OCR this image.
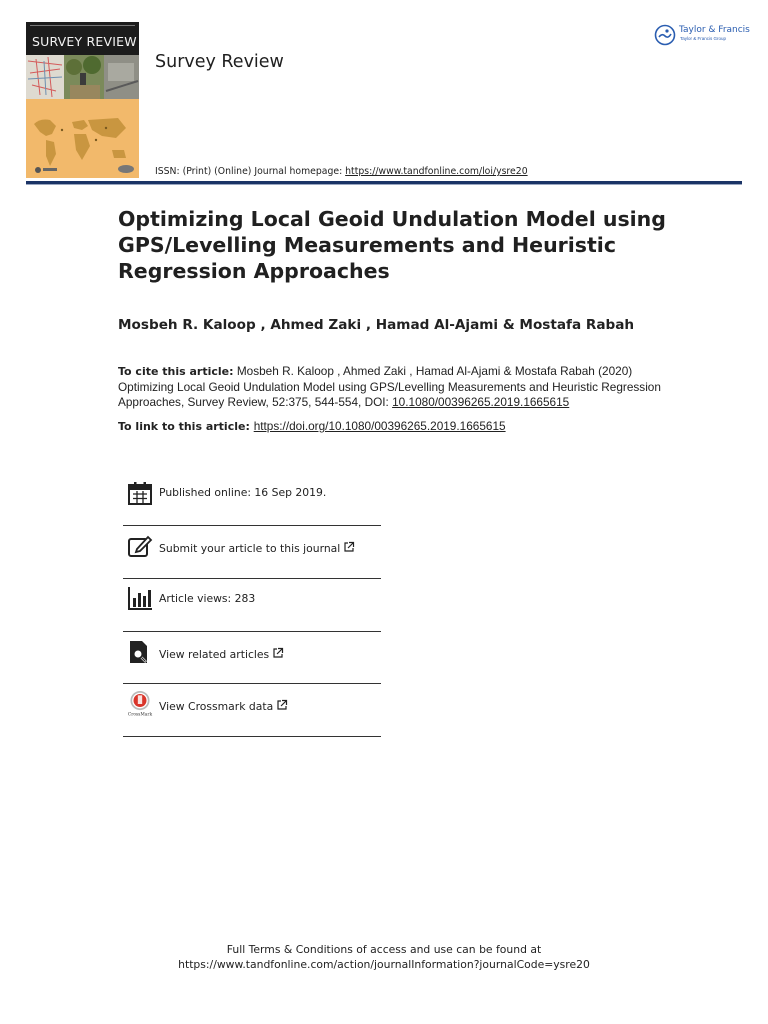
SURVEY REVIEW
Survey Review
ISSN: (Print) (Online) Journal homepage: https://www.tandfonline.com/loi/ysre20
Taylor & Francis
Taylor & Francis Group
Optimizing Local Geoid Undulation Model using GPS/Levelling Measurements and Heuristic Regression Approaches
Mosbeh R. Kaloop , Ahmed Zaki , Hamad Al-Ajami & Mostafa Rabah
To cite this article: Mosbeh R. Kaloop , Ahmed Zaki , Hamad Al-Ajami & Mostafa Rabah (2020) Optimizing Local Geoid Undulation Model using GPS/Levelling Measurements and Heuristic Regression Approaches, Survey Review, 52:375, 544-554, DOI: 10.1080/00396265.2019.1665615
To link to this article: https://doi.org/10.1080/00396265.2019.1665615
Published online: 16 Sep 2019.
Submit your article to this journal
Article views: 283
View related articles
CrossMark
View Crossmark data
Full Terms & Conditions of access and use can be found at
https://www.tandfonline.com/action/journalInformation?journalCode=ysre20
